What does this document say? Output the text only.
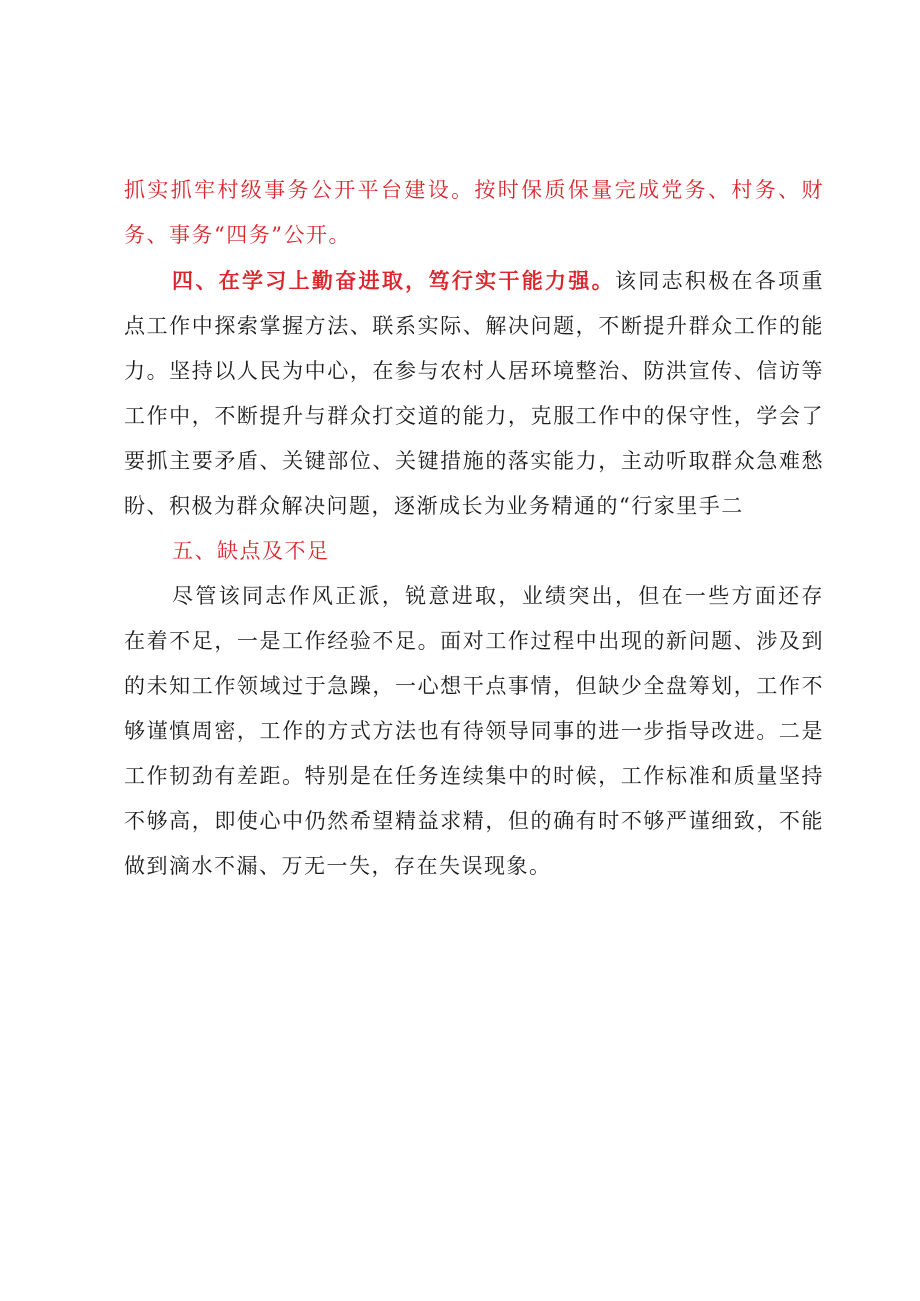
抓实抓牢村级事务公开平台建设。按时保质保量完成党务、村务、财务、事务“四务”公开。

四、在学习上勤奋进取，笃行实干能力强。该同志积极在各项重点工作中探索掌握方法、联系实际、解决问题，不断提升群众工作的能力。坚持以人民为中心，在参与农村人居环境整治、防洪宣传、信访等工作中，不断提升与群众打交道的能力，克服工作中的保守性，学会了要抓主要矛盾、关键部位、关键措施的落实能力，主动听取群众急难愁盼、积极为群众解决问题，逐渐成长为业务精通的“行家里手二

五、缺点及不足

尽管该同志作风正派，锐意进取，业绩突出，但在一些方面还存在着不足，一是工作经验不足。面对工作过程中出现的新问题、涉及到的未知工作领域过于急躁，一心想干点事情，但缺少全盘筹划，工作不够谨慎周密，工作的方式方法也有待领导同事的进一步指导改进。二是工作韧劲有差距。特别是在任务连续集中的时候，工作标准和质量坚持不够高，即使心中仍然希望精益求精，但的确有时不够严谨细致，不能做到滴水不漏、万无一失，存在失误现象。
